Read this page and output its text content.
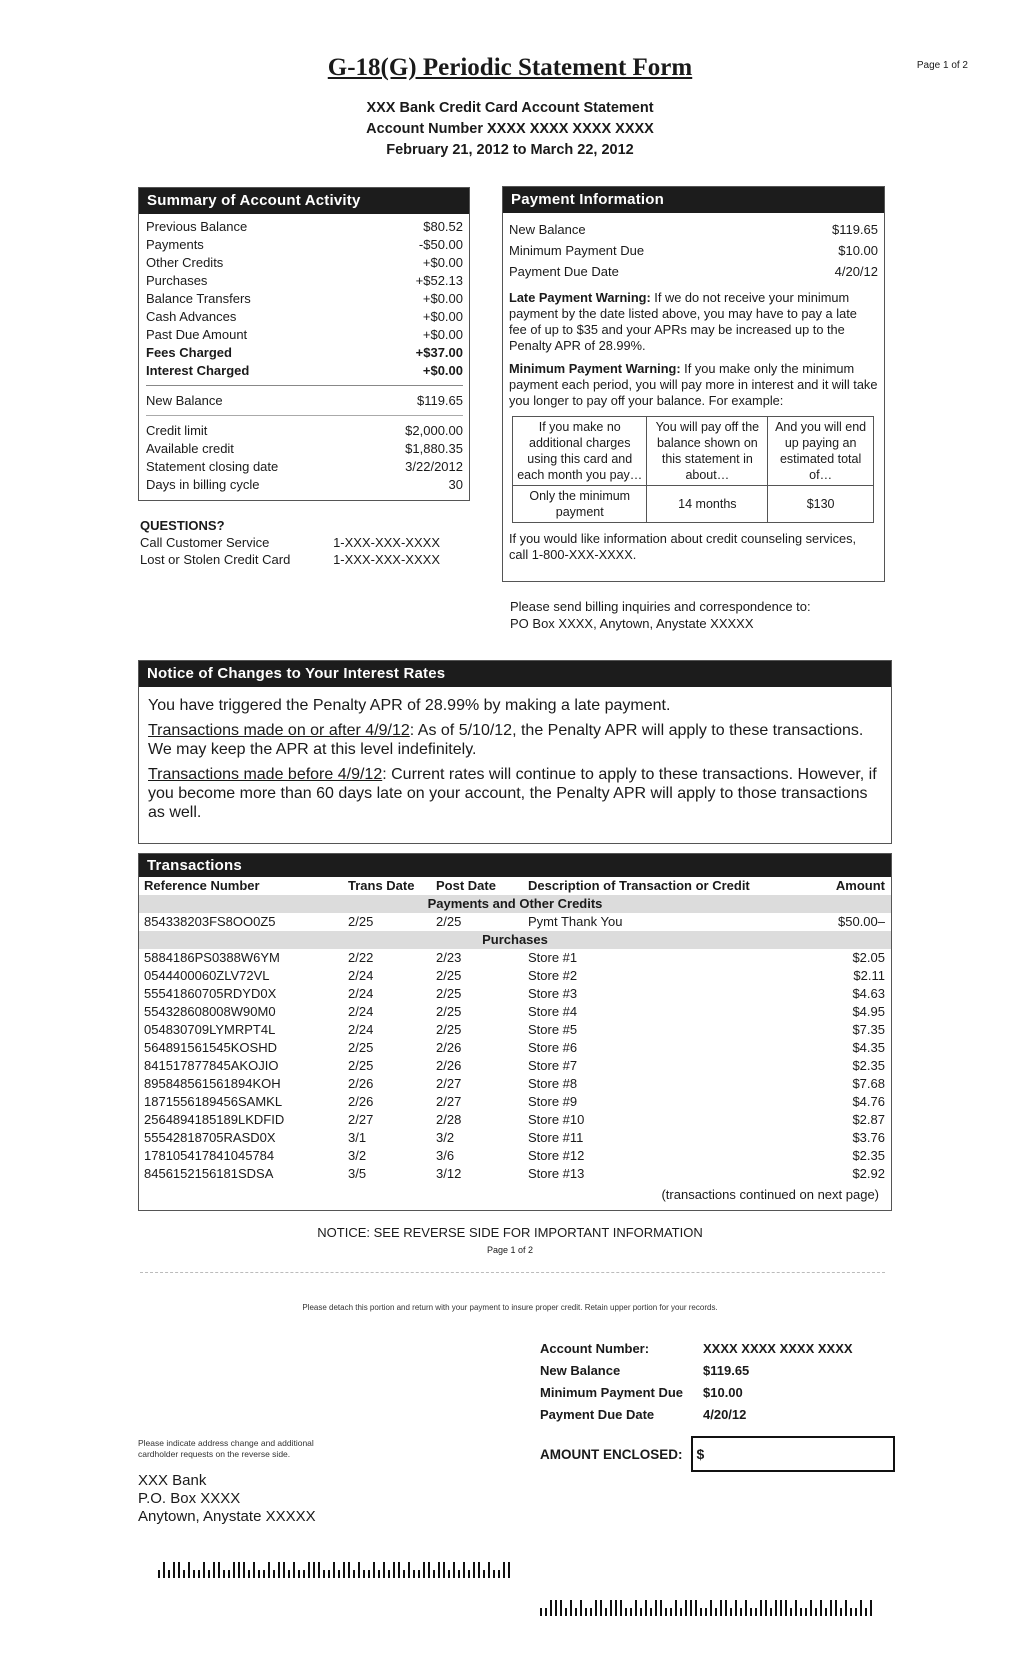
G-18(G) Periodic Statement Form	Page 1 of 2
XXX Bank Credit Card Account Statement
Account Number XXXX XXXX XXXX XXXX
February 21, 2012 to March 22, 2012
Summary of Account Activity
Previous Balance	$80.52
Payments	-$50.00
Other Credits	+$0.00
Purchases	+$52.13
Balance Transfers	+$0.00
Cash Advances	+$0.00
Past Due Amount	+$0.00
Fees Charged	+$37.00
Interest Charged	+$0.00
New Balance	$119.65
Credit limit	$2,000.00
Available credit	$1,880.35
Statement closing date	3/22/2012
Days in billing cycle	30
QUESTIONS?
Call Customer Service	1-XXX-XXX-XXXX
Lost or Stolen Credit Card	1-XXX-XXX-XXXX
Payment Information
New Balance	$119.65
Minimum Payment Due	$10.00
Payment Due Date	4/20/12
Late Payment Warning: If we do not receive your minimum payment by the date listed above, you may have to pay a late fee of up to $35 and your APRs may be increased up to the Penalty APR of 28.99%.
Minimum Payment Warning: If you make only the minimum payment each period, you will pay more in interest and it will take you longer to pay off your balance. For example:
If you make no additional charges using this card and each month you pay…	You will pay off the balance shown on this statement in about…	And you will end up paying an estimated total of…
Only the minimum payment	14 months	$130
If you would like information about credit counseling services, call 1-800-XXX-XXXX.
Please send billing inquiries and correspondence to:
PO Box XXXX, Anytown, Anystate XXXXX
Notice of Changes to Your Interest Rates

You have triggered the Penalty APR of 28.99% by making a late payment.

Transactions made on or after 4/9/12: As of 5/10/12, the Penalty APR will apply to these transactions. We may keep the APR at this level indefinitely.

Transactions made before 4/9/12: Current rates will continue to apply to these transactions. However, if you become more than 60 days late on your account, the Penalty APR will apply to those transactions as well.

Transactions
Reference Number	Trans Date	Post Date	Description of Transaction or Credit	Amount
Payments and Other Credits
854338203FS8OO0Z5	2/25	2/25	Pymt Thank You	$50.00–
Purchases
5884186PS0388W6YM	2/22	2/23	Store #1	$2.05
0544400060ZLV72VL	2/24	2/25	Store #2	$2.11
55541860705RDYD0X	2/24	2/25	Store #3	$4.63
554328608008W90M0	2/24	2/25	Store #4	$4.95
054830709LYMRPT4L	2/24	2/25	Store #5	$7.35
564891561545KOSHD	2/25	2/26	Store #6	$4.35
841517877845AKOJIO	2/25	2/26	Store #7	$2.35
895848561561894KOH	2/26	2/27	Store #8	$7.68
1871556189456SAMKL	2/26	2/27	Store #9	$4.76
2564894185189LKDFID	2/27	2/28	Store #10	$2.87
55542818705RASD0X	3/1	3/2	Store #11	$3.76
178105417841045784	3/2	3/6	Store #12	$2.35
8456152156181SDSA	3/5	3/12	Store #13	$2.92
(transactions continued on next page)
NOTICE: SEE REVERSE SIDE FOR IMPORTANT INFORMATION
Page 1 of 2
Please detach this portion and return with your payment to insure proper credit. Retain upper portion for your records.
Account Number:	XXXX XXXX XXXX XXXX
New Balance	$119.65
Minimum Payment Due	$10.00
Payment Due Date	4/20/12
AMOUNT ENCLOSED:	$
Please indicate address change and additional cardholder requests on the reverse side.
XXX Bank
P.O. Box XXXX
Anytown, Anystate XXXXX
